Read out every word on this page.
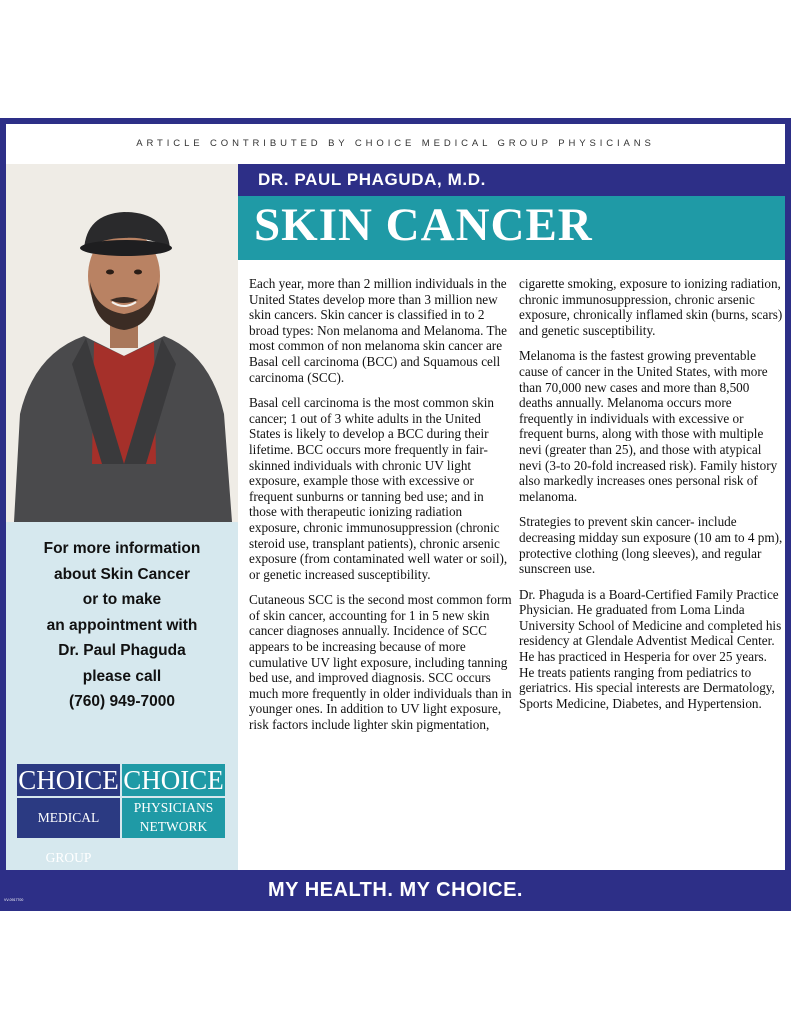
ARTICLE CONTRIBUTED BY CHOICE MEDICAL GROUP PHYSICIANS
DR. PAUL PHAGUDA, M.D.
SKIN CANCER
For more information
about Skin Cancer
or to make
an appointment with
Dr. Paul Phaguda
please call
(760) 949-7000
CHOICE CHOICE
MEDICAL GROUP
PHYSICIANS
NETWORK

Each year, more than 2 million individuals in the United States develop more than 3 million new skin cancers. Skin cancer is classified in to 2 broad types: Non melanoma and Melanoma. The most common of non melanoma skin cancer are Basal cell carcinoma (BCC) and Squamous cell carcinoma (SCC).

Basal cell carcinoma is the most common skin cancer; 1 out of 3 white adults in the United States is likely to develop a BCC during their lifetime. BCC occurs more frequently in fair-skinned individuals with chronic UV light exposure, example those with excessive or frequent sunburns or tanning bed use; and in those with therapeutic ionizing radiation exposure, chronic immunosuppression (chronic steroid use, transplant patients), chronic arsenic exposure (from contaminated well water or soil), or genetic increased susceptibility.

Cutaneous SCC is the second most common form of skin cancer, accounting for 1 in 5 new skin cancer diagnoses annually. Incidence of SCC appears to be increasing because of more cumulative UV light exposure, including tanning bed use, and improved diagnosis. SCC occurs much more frequently in older individuals than in younger ones. In addition to UV light exposure, risk factors include lighter skin pigmentation,

cigarette smoking, exposure to ionizing radiation, chronic immunosuppression, chronic arsenic exposure, chronically inflamed skin (burns, scars) and genetic susceptibility.

Melanoma is the fastest growing preventable cause of cancer in the United States, with more than 70,000 new cases and more than 8,500 deaths annually. Melanoma occurs more frequently in individuals with excessive or frequent burns, along with those with multiple nevi (greater than 25), and those with atypical nevi (3-to 20-fold increased risk). Family history also markedly increases ones personal risk of melanoma.

Strategies to prevent skin cancer- include decreasing midday sun exposure (10 am to 4 pm), protective clothing (long sleeves), and regular sunscreen use.

Dr. Phaguda is a Board-Certified Family Practice Physician. He graduated from Loma Linda University School of Medicine and completed his residency at Glendale Adventist Medical Center. He has practiced in Hesperia for over 25 years. He treats patients ranging from pediatrics to geriatrics. His special interests are Dermatology, Sports Medicine, Diabetes, and Hypertension.

MY HEALTH. MY CHOICE.
VV-0917700
